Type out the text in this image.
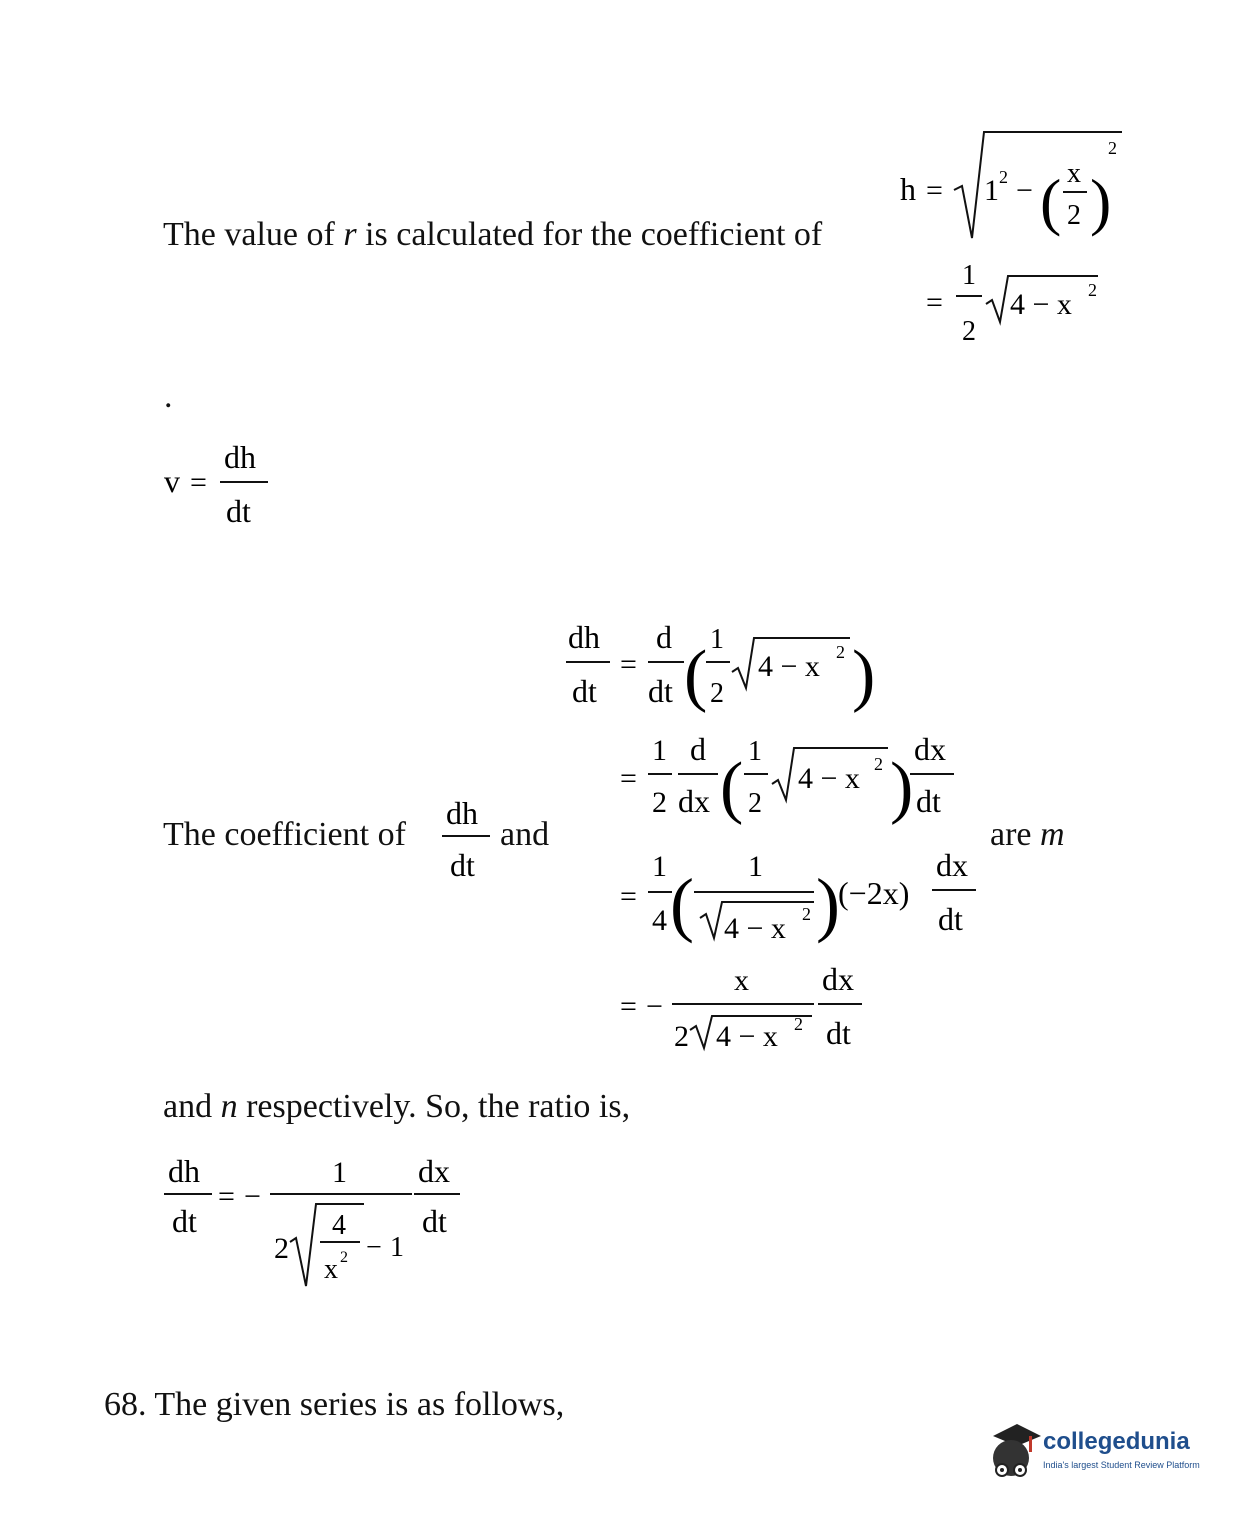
The value of r is calculated for the coefficient of
h = 1 2 − ( x
2 )
2
=
1
2
4 − x 2
.
v =
dh
dt
dh
dt
=
d
dt ( 1
2
4 − x 2 )
=
1
2
d
dx ( 1
2
4 − x 2 ) dx
dt
=
1
4 ( 1
4 − x 2 )
(−2x)
dx
dt
= −
x
2 4 − x 2
dx
dt
The coefficient of
dh
dt
and	are m
and n respectively. So, the ratio is,
dh
dt
= −
1
2
4
x 2 − 1
dx
dt
68. The given series is as follows,
collegedunia
India's largest Student Review Platform
